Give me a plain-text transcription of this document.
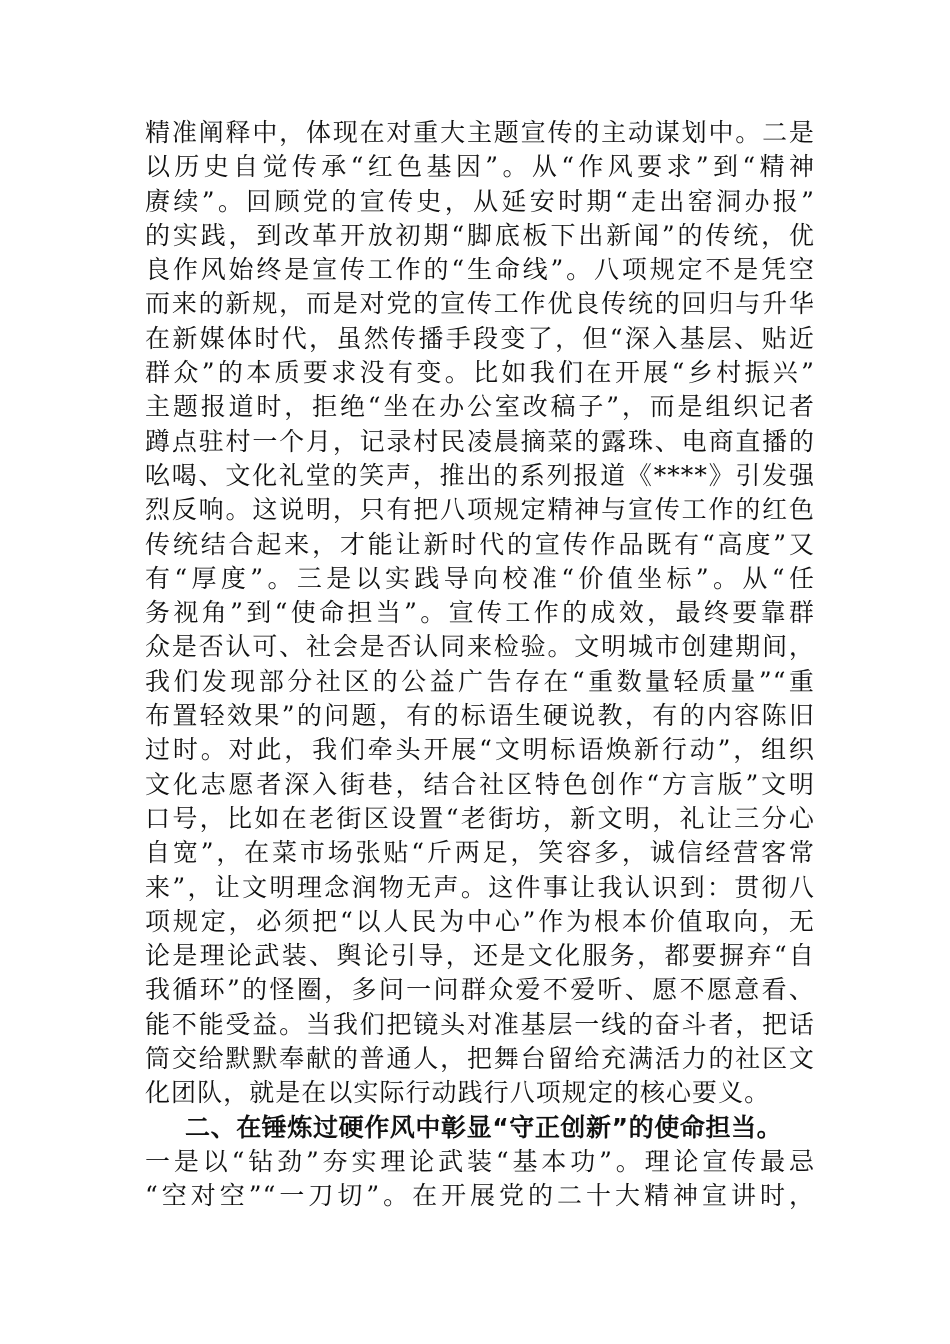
精准阐释中，体现在对重大主题宣传的主动谋划中。二是

以历史自觉传承“红色基因”。从“作风要求”到“精神

赓续”。回顾党的宣传史，从延安时期“走出窑洞办报”

的实践，到改革开放初期“脚底板下出新闻”的传统，优

良作风始终是宣传工作的“生命线”。八项规定不是凭空

而来的新规，而是对党的宣传工作优良传统的回归与升华

在新媒体时代，虽然传播手段变了，但“深入基层、贴近

群众”的本质要求没有变。比如我们在开展“乡村振兴”

主题报道时，拒绝“坐在办公室改稿子”，而是组织记者

蹲点驻村一个月，记录村民凌晨摘菜的露珠、电商直播的

吆喝、文化礼堂的笑声，推出的系列报道《****》引发强

烈反响。这说明，只有把八项规定精神与宣传工作的红色

传统结合起来，才能让新时代的宣传作品既有“高度”又

有“厚度”。三是以实践导向校准“价值坐标”。从“任

务视角”到“使命担当”。宣传工作的成效，最终要靠群

众是否认可、社会是否认同来检验。文明城市创建期间，

我们发现部分社区的公益广告存在“重数量轻质量”“重

布置轻效果”的问题，有的标语生硬说教，有的内容陈旧

过时。对此，我们牵头开展“文明标语焕新行动”，组织

文化志愿者深入街巷，结合社区特色创作“方言版”文明

口号，比如在老街区设置“老街坊，新文明，礼让三分心

自宽”，在菜市场张贴“斤两足，笑容多，诚信经营客常

来”，让文明理念润物无声。这件事让我认识到：贯彻八

项规定，必须把“以人民为中心”作为根本价值取向，无

论是理论武装、舆论引导，还是文化服务，都要摒弃“自

我循环”的怪圈，多问一问群众爱不爱听、愿不愿意看、

能不能受益。当我们把镜头对准基层一线的奋斗者，把话

筒交给默默奉献的普通人，把舞台留给充满活力的社区文

化团队，就是在以实际行动践行八项规定的核心要义。

二、在锤炼过硬作风中彰显“守正创新”的使命担当。

一是以“钻劲”夯实理论武装“基本功”。理论宣传最忌

“空对空”“一刀切”。在开展党的二十大精神宣讲时，
